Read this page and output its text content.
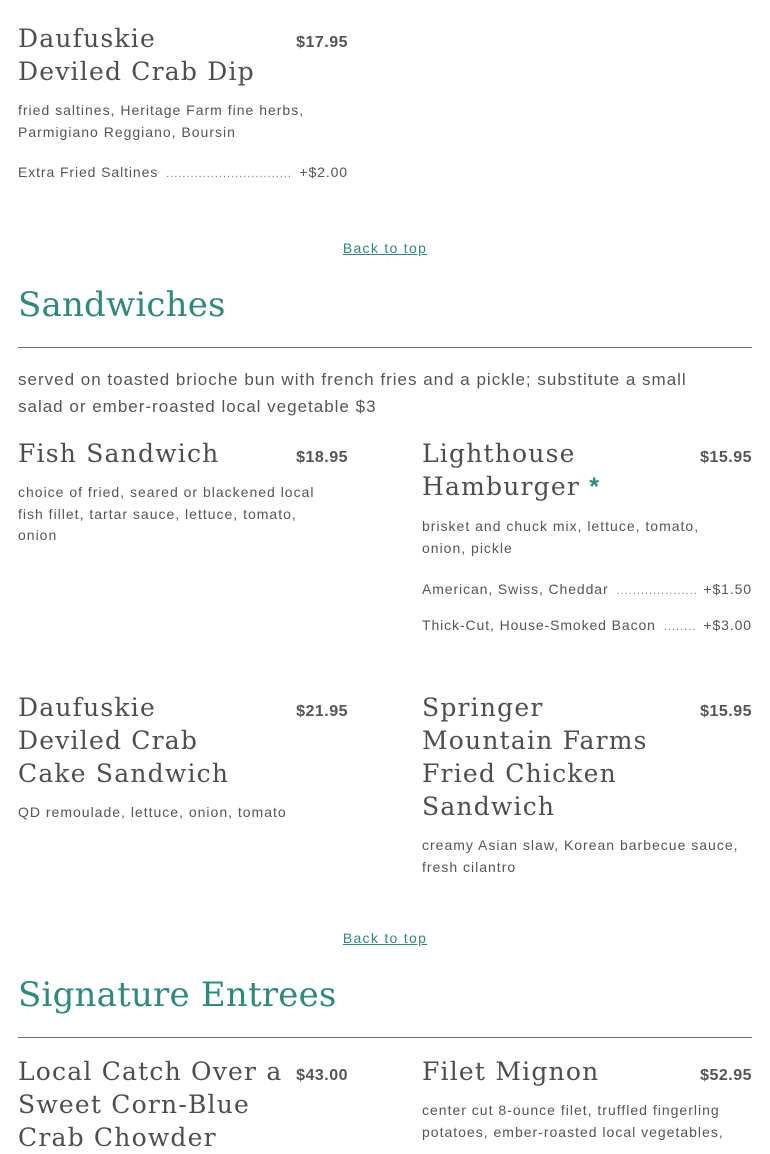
Daufuskie Deviled Crab Dip
$17.95
fried saltines, Heritage Farm fine herbs, Parmigiano Reggiano, Boursin
Extra Fried Saltines .....	+$2.00
Back to top
Sandwiches
served on toasted brioche bun with french fries and a pickle; substitute a small salad or ember-roasted local vegetable $3
Fish Sandwich	$18.95
choice of fried, seared or blackened local fish fillet, tartar sauce, lettuce, tomato, onion
Lighthouse Hamburger *
$15.95
brisket and chuck mix, lettuce, tomato, onion, pickle
American, Swiss, Cheddar .....	+$1.50
Thick-Cut, House-Smoked Bacon .....	+$3.00
Daufuskie Deviled Crab Cake Sandwich
$21.95
QD remoulade, lettuce, onion, tomato
Springer Mountain Farms Fried Chicken Sandwich
$15.95
creamy Asian slaw, Korean barbecue sauce, fresh cilantro
Back to top
Signature Entrees
Local Catch Over a Sweet Corn-Blue Crab Chowder
$43.00	Filet Mignon	$52.95
center cut 8-ounce filet, truffled fingerling potatoes, ember-roasted local vegetables,
